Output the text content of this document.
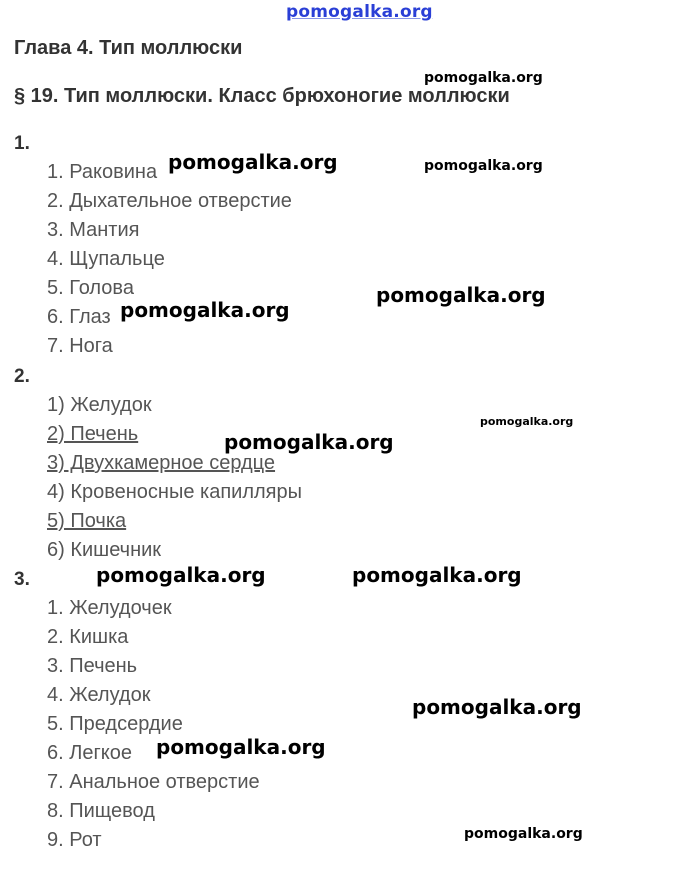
pomogalka.org
Глава 4. Тип моллюски
§ 19. Тип моллюски. Класс брюхоногие моллюски
1.
1. Раковина
2. Дыхательное отверстие
3. Мантия
4. Щупальце
5. Голова
6. Глаз
7. Нога
2.
1) Желудок
2) Печень
3) Двухкамерное сердце
4) Кровеносные капилляры
5) Почка
6) Кишечник
3.
1. Желудочек
2. Кишка
3. Печень
4. Желудок
5. Предсердие
6. Легкое
7. Анальное отверстие
8. Пищевод
9. Рот
pomogalka.org
pomogalka.org	pomogalka.org
pomogalka.org
pomogalka.org
pomogalka.org
pomogalka.org
pomogalka.org	pomogalka.org
pomogalka.org
pomogalka.org
pomogalka.org
